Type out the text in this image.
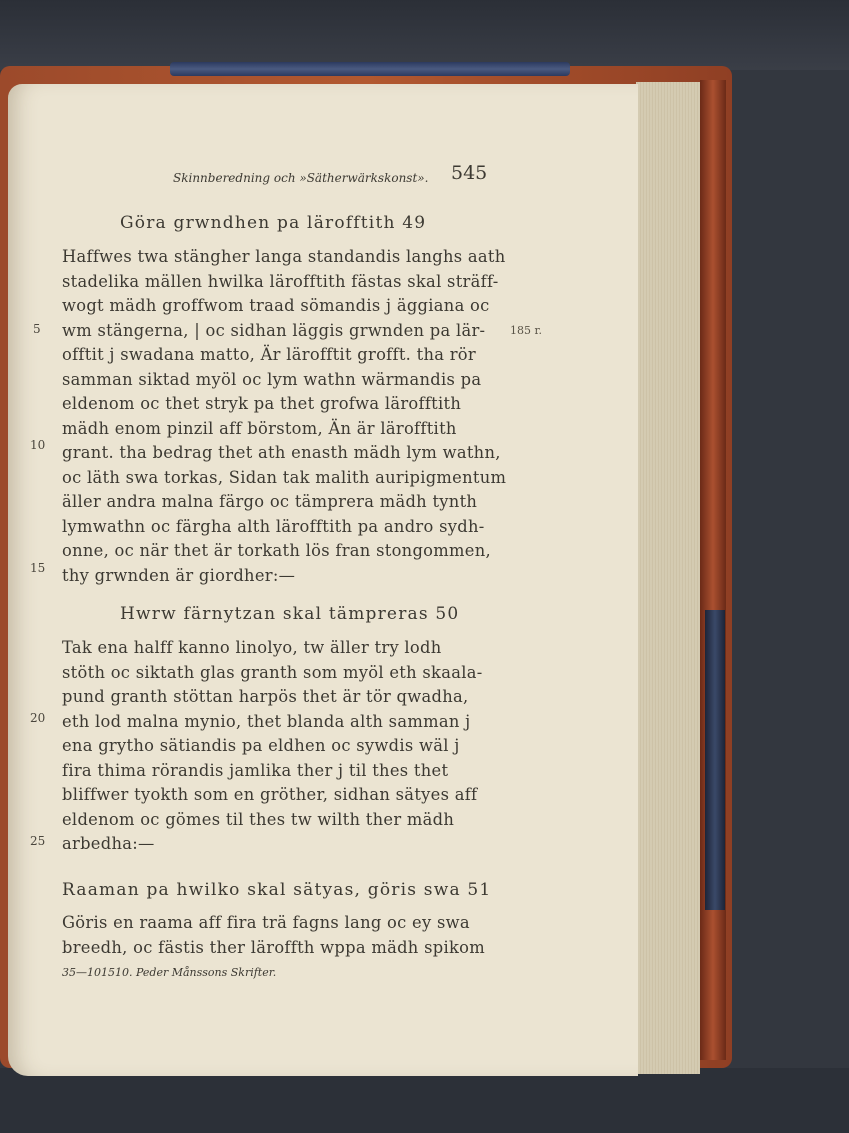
Skinnberedning och »Sätherwärkskonst». 545
Göra grwndhen pa lärofftith 49
Haffwes twa stängher langa standandis langhs aath
stadelika mällen hwilka lärofftith fästas skal sträff-
wogt mädh groffwom traad sömandis j äggiana oc
wm stängerna, | oc sidhan läggis grwnden pa lär-
offtit j swadana matto, Är lärofftit grofft. tha rör
samman siktad myöl oc lym wathn wärmandis pa
eldenom oc thet stryk pa thet grofwa lärofftith
mädh enom pinzil aff börstom, Än är lärofftith
grant. tha bedrag thet ath enasth mädh lym wathn,
oc läth swa torkas, Sidan tak malith auripigmentum
äller andra malna färgo oc tämprera mädh tynth
lymwathn oc färgha alth lärofftith pa andro sydh-
onne, oc när thet är torkath lös fran stongommen,
thy grwnden är giordher:—
Hwrw färnytzan skal tämpreras 50
Tak ena halff kanno linolyo, tw äller try lodh
stöth oc siktath glas granth som myöl eth skaala-
pund granth stöttan harpös thet är tör qwadha,
eth lod malna mynio, thet blanda alth samman j
ena grytho sätiandis pa eldhen oc sywdis wäl j
fira thima rörandis jamlika ther j til thes thet
bliffwer tyokth som en gröther, sidhan sätyes aff
eldenom oc gömes til thes tw wilth ther mädh
arbedha:—
Raaman pa hwilko skal sätyas, göris swa 51
Göris en raama aff fira trä fagns lang oc ey swa
breedh, oc fästis ther läroffth wppa mädh spikom
35—101510. Peder Månssons Skrifter.
5
10
15
20
25
185 r.
